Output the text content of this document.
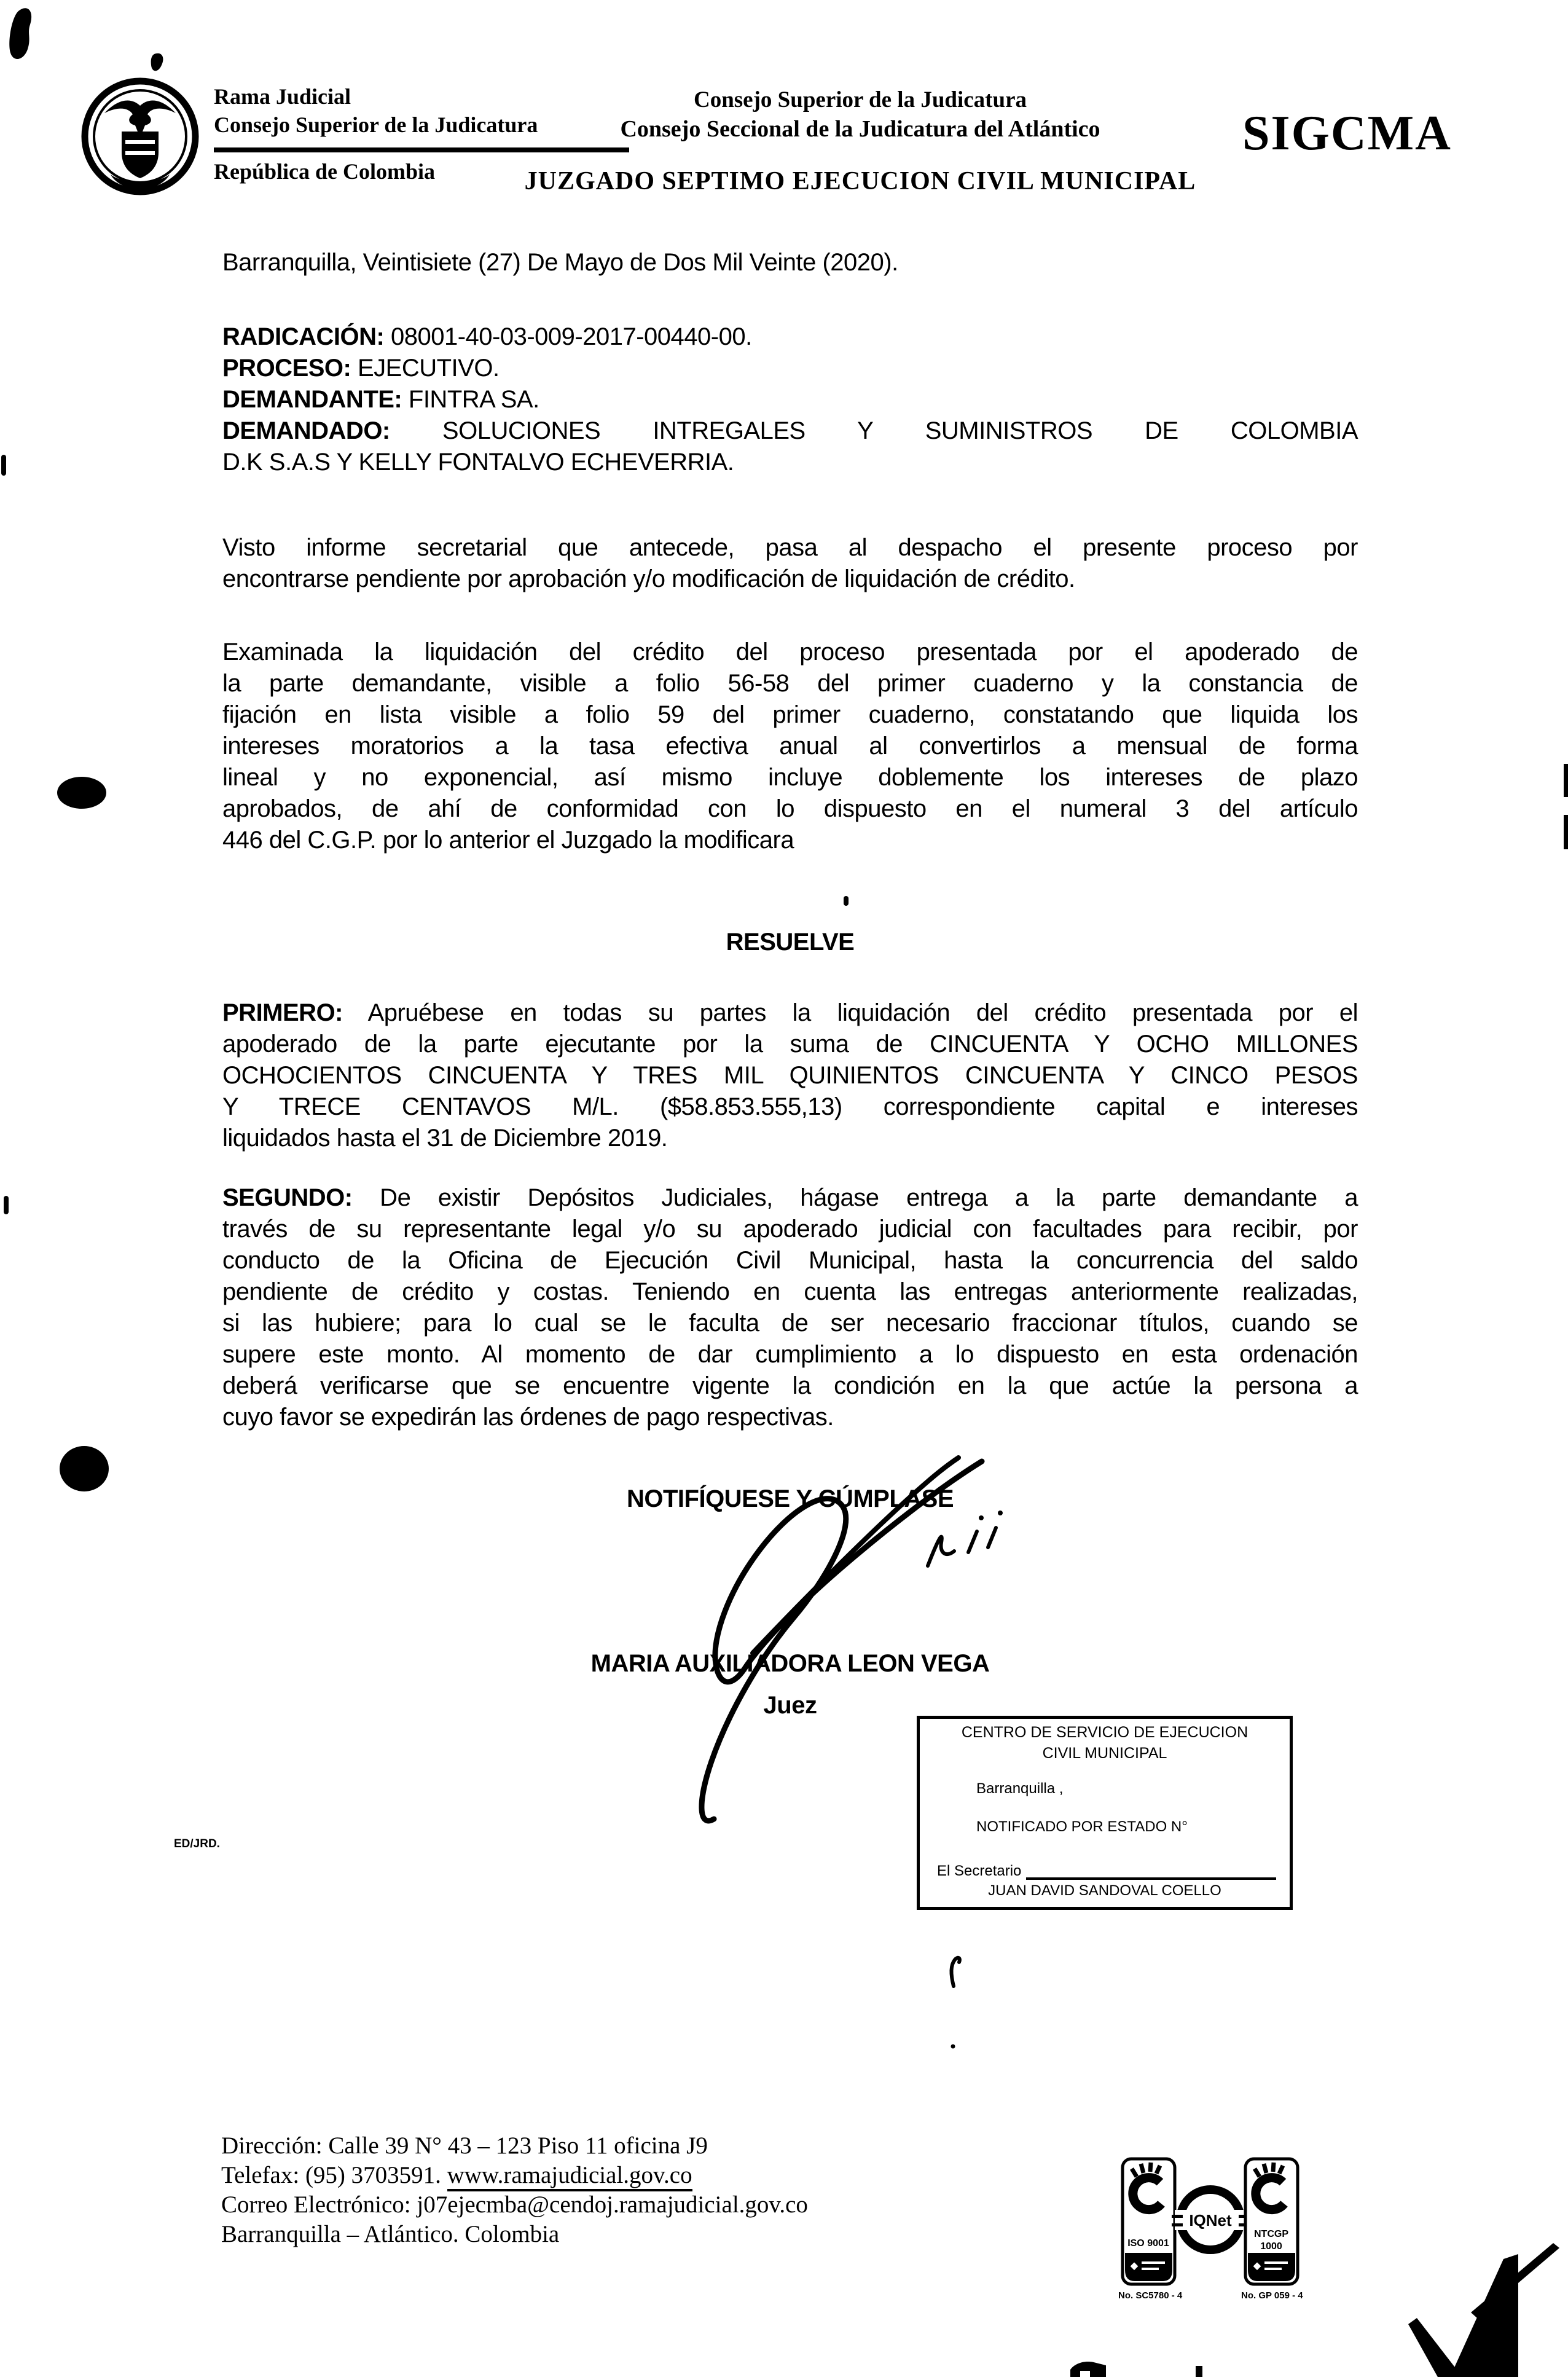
Rama Judicial
Consejo Superior de la Judicatura
República de Colombia
Consejo Superior de la Judicatura
Consejo Seccional de la Judicatura del Atlántico
JUZGADO SEPTIMO EJECUCION CIVIL MUNICIPAL
SIGCMA
Barranquilla, Veintisiete (27) De Mayo de Dos Mil Veinte (2020).
RADICACIÓN: 08001-40-03-009-2017-00440-00.
PROCESO: EJECUTIVO.
DEMANDANTE: FINTRA SA.
DEMANDADO: SOLUCIONES INTREGALES Y SUMINISTROS DE COLOMBIA
D.K S.A.S Y KELLY FONTALVO ECHEVERRIA.
Visto informe secretarial que antecede, pasa al despacho el presente proceso por
encontrarse pendiente por aprobación y/o modificación de liquidación de crédito.
Examinada la liquidación del crédito del proceso presentada por el apoderado de
la parte demandante, visible a folio 56-58 del primer cuaderno y la constancia de
fijación en lista visible a folio 59 del primer cuaderno, constatando que liquida los
intereses moratorios a la tasa efectiva anual al convertirlos a mensual de forma
lineal y no exponencial, así mismo incluye doblemente los intereses de plazo
aprobados, de ahí de conformidad con lo dispuesto en el numeral 3 del artículo
446 del C.G.P. por lo anterior el Juzgado la modificara
RESUELVE
PRIMERO: Apruébese en todas su partes la liquidación del crédito presentada por el
apoderado de la parte ejecutante por la suma de CINCUENTA Y OCHO MILLONES
OCHOCIENTOS CINCUENTA Y TRES MIL QUINIENTOS CINCUENTA Y CINCO PESOS
Y TRECE CENTAVOS M/L. ($58.853.555,13) correspondiente capital e intereses
liquidados hasta el 31 de Diciembre 2019.
SEGUNDO: De existir Depósitos Judiciales, hágase entrega a la parte demandante a
través de su representante legal y/o su apoderado judicial con facultades para recibir, por
conducto de la Oficina de Ejecución Civil Municipal, hasta la concurrencia del saldo
pendiente de crédito y costas. Teniendo en cuenta las entregas anteriormente realizadas,
si las hubiere; para lo cual se le faculta de ser necesario fraccionar títulos, cuando se
supere este monto. Al momento de dar cumplimiento a lo dispuesto en esta ordenación
deberá verificarse que se encuentre vigente la condición en la que actúe la persona a
cuyo favor se expedirán las órdenes de pago respectivas.
NOTIFÍQUESE Y CÚMPLASE
MARIA AUXILIADORA LEON VEGA
Juez
ED/JRD.
CENTRO DE SERVICIO DE EJECUCION
CIVIL MUNICIPAL
Barranquilla ,
NOTIFICADO POR ESTADO N°
El Secretario
JUAN DAVID SANDOVAL COELLO
Dirección: Calle 39 N° 43 – 123 Piso 11 oficina J9
Telefax: (95) 3703591. www.ramajudicial.gov.co
Correo Electrónico: j07ejecmba@cendoj.ramajudicial.gov.co
Barranquilla – Atlántico. Colombia	ISO 9001
No. SC5780 - 4
IQNet
NTCGP
1000
No. GP 059 - 4
